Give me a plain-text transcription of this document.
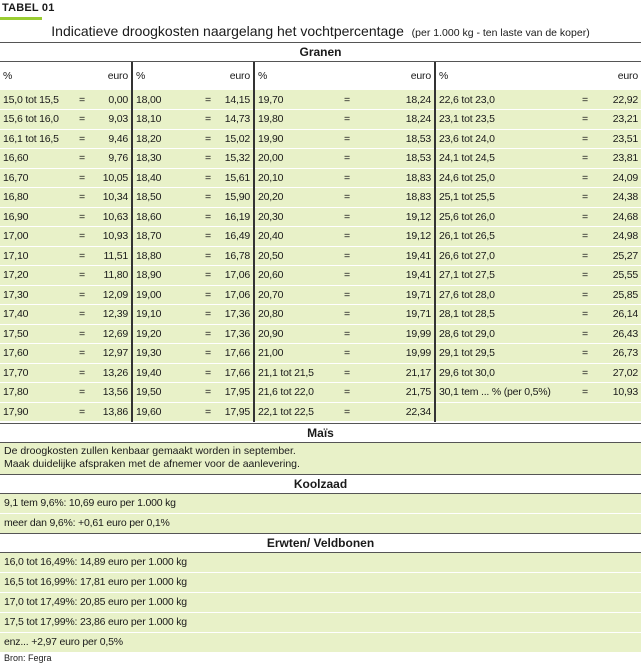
TABEL 01
Indicatieve droogkosten naargelang het vochtpercentage (per 1.000 kg - ten laste van de koper)
Granen
%		euro	%		euro	%		euro	%		euro
15,0 tot 15,5	=	0,00	18,00	=	14,15	19,70	=	18,24	22,6 tot 23,0	=	22,92
15,6 tot 16,0	=	9,03	18,10	=	14,73	19,80	=	18,24	23,1 tot 23,5	=	23,21
16,1 tot 16,5	=	9,46	18,20	=	15,02	19,90	=	18,53	23,6 tot 24,0	=	23,51
16,60	=	9,76	18,30	=	15,32	20,00	=	18,53	24,1 tot 24,5	=	23,81
16,70	=	10,05	18,40	=	15,61	20,10	=	18,83	24,6 tot 25,0	=	24,09
16,80	=	10,34	18,50	=	15,90	20,20	=	18,83	25,1 tot 25,5	=	24,38
16,90	=	10,63	18,60	=	16,19	20,30	=	19,12	25,6 tot 26,0	=	24,68
17,00	=	10,93	18,70	=	16,49	20,40	=	19,12	26,1 tot 26,5	=	24,98
17,10	=	11,51	18,80	=	16,78	20,50	=	19,41	26,6 tot 27,0	=	25,27
17,20	=	11,80	18,90	=	17,06	20,60	=	19,41	27,1 tot 27,5	=	25,55
17,30	=	12,09	19,00	=	17,06	20,70	=	19,71	27,6 tot 28,0	=	25,85
17,40	=	12,39	19,10	=	17,36	20,80	=	19,71	28,1 tot 28,5	=	26,14
17,50	=	12,69	19,20	=	17,36	20,90	=	19,99	28,6 tot 29,0	=	26,43
17,60	=	12,97	19,30	=	17,66	21,00	=	19,99	29,1 tot 29,5	=	26,73
17,70	=	13,26	19,40	=	17,66	21,1 tot 21,5	=	21,17	29,6 tot 30,0	=	27,02
17,80	=	13,56	19,50	=	17,95	21,6 tot 22,0	=	21,75	30,1 tem ... % (per 0,5%)	=	10,93
17,90	=	13,86	19,60	=	17,95	22,1 tot 22,5	=	22,34			
Maïs
De droogkosten zullen kenbaar gemaakt worden in september.
Maak duidelijke afspraken met de afnemer voor de aanlevering.
Koolzaad
9,1 tem 9,6%: 10,69 euro per 1.000 kg
meer dan 9,6%: +0,61 euro per 0,1%
Erwten/ Veldbonen
16,0 tot 16,49%: 14,89 euro per 1.000 kg
16,5 tot 16,99%: 17,81 euro per 1.000 kg
17,0 tot 17,49%: 20,85 euro per 1.000 kg
17,5 tot 17,99%: 23,86 euro per 1.000 kg
enz... +2,97 euro per 0,5%
Bron: Fegra
